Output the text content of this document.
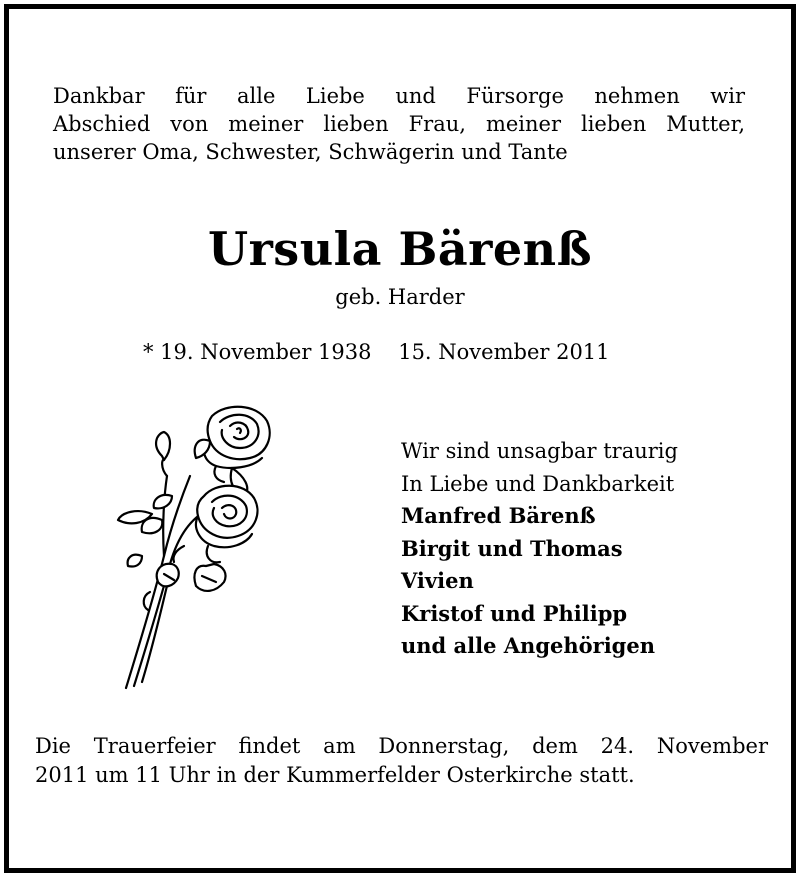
Dankbar für alle Liebe und Fürsorge nehmen wir
Abschied von meiner lieben Frau, meiner lieben Mutter,
unserer Oma, Schwester, Schwägerin und Tante
Ursula Bärenß
geb. Harder
* 19. November 1938 15. November 2011
Wir sind unsagbar traurig
In Liebe und Dankbarkeit
Manfred Bärenß
Birgit und Thomas
Vivien
Kristof und Philipp
und alle Angehörigen
Die Trauerfeier findet am Donnerstag, dem 24. November
2011 um 11 Uhr in der Kummerfelder Osterkirche statt.
